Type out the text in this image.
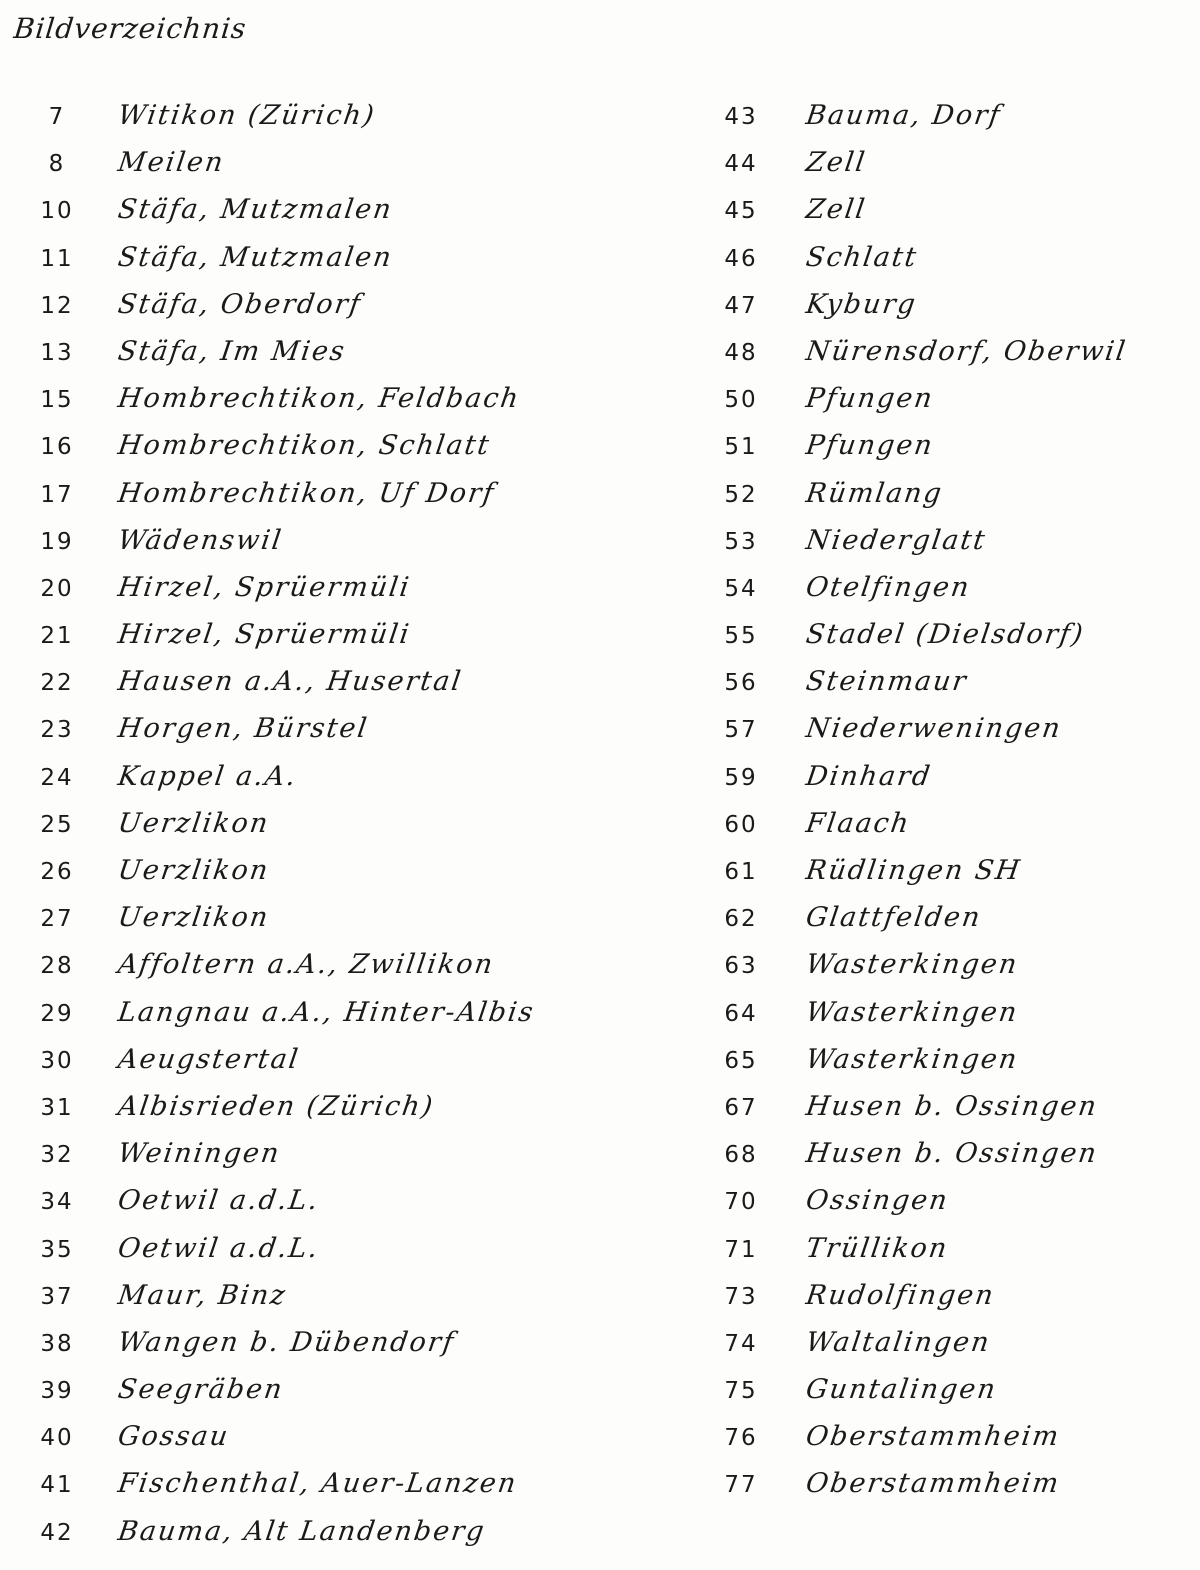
Bildverzeichnis
7	Witikon (Zürich)
8	Meilen
10	Stäfa, Mutzmalen
11	Stäfa, Mutzmalen
12	Stäfa, Oberdorf
13	Stäfa, Im Mies
15	Hombrechtikon, Feldbach
16	Hombrechtikon, Schlatt
17	Hombrechtikon, Uf Dorf
19	Wädenswil
20	Hirzel, Sprüermüli
21	Hirzel, Sprüermüli
22	Hausen a.A., Husertal
23	Horgen, Bürstel
24	Kappel a.A.
25	Uerzlikon
26	Uerzlikon
27	Uerzlikon
28	Affoltern a.A., Zwillikon
29	Langnau a.A., Hinter-Albis
30	Aeugstertal
31	Albisrieden (Zürich)
32	Weiningen
34	Oetwil a.d.L.
35	Oetwil a.d.L.
37	Maur, Binz
38	Wangen b. Dübendorf
39	Seegräben
40	Gossau
41	Fischenthal, Auer-Lanzen
42	Bauma, Alt Landenberg
43	Bauma, Dorf
44	Zell
45	Zell
46	Schlatt
47	Kyburg
48	Nürensdorf, Oberwil
50	Pfungen
51	Pfungen
52	Rümlang
53	Niederglatt
54	Otelfingen
55	Stadel (Dielsdorf)
56	Steinmaur
57	Niederweningen
59	Dinhard
60	Flaach
61	Rüdlingen SH
62	Glattfelden
63	Wasterkingen
64	Wasterkingen
65	Wasterkingen
67	Husen b. Ossingen
68	Husen b. Ossingen
70	Ossingen
71	Trüllikon
73	Rudolfingen
74	Waltalingen
75	Guntalingen
76	Oberstammheim
77	Oberstammheim
